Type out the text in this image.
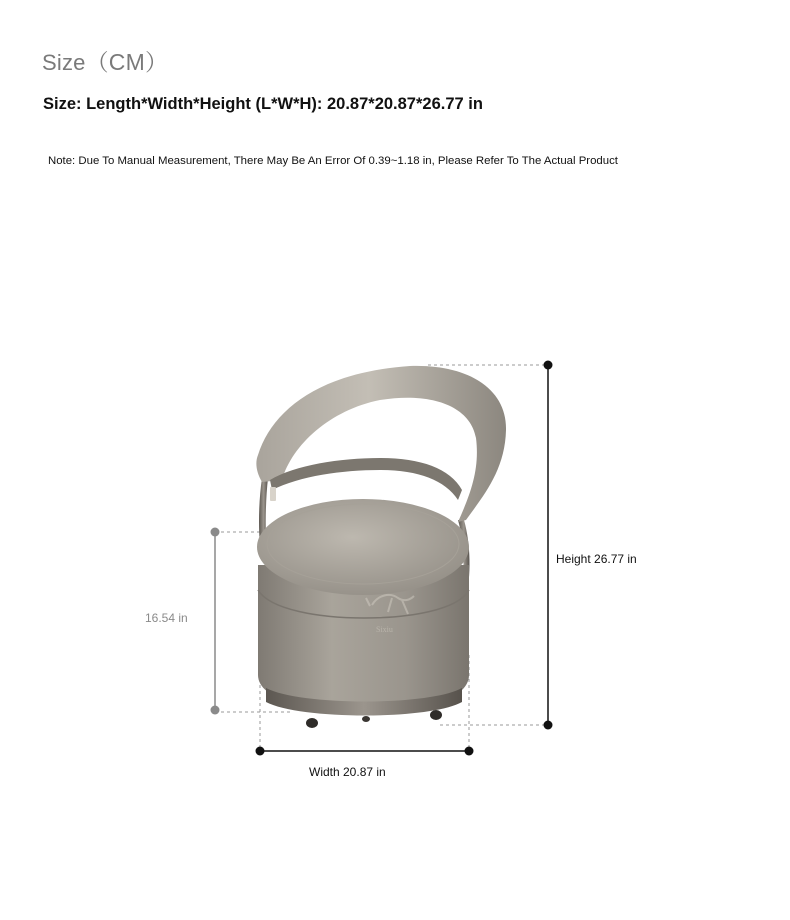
Size（CM）
Size: Length*Width*Height (L*W*H): 20.87*20.87*26.77 in
Note: Due To Manual Measurement, There May Be An Error Of 0.39~1.18 in, Please Refer To The Actual Product
Sixiu
Height 26.77 in
16.54 in
Width 20.87 in
